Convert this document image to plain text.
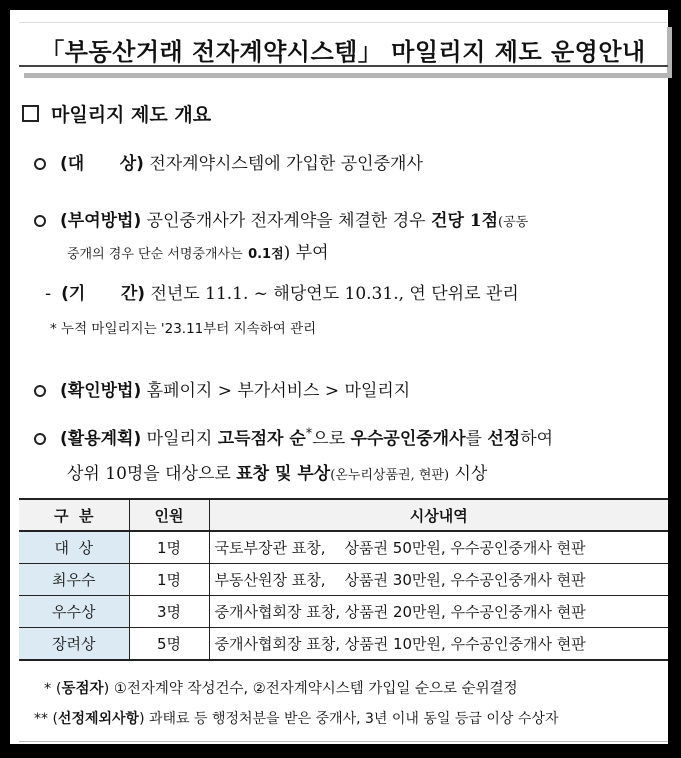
「부동산거래 전자계약시스템」 마일리지 제도 운영안내
마일리지 제도 개요
(대      상) 전자계약시스템에 가입한 공인중개사
(부여방법) 공인중개사가 전자계약을 체결한 경우 건당 1점(공동
중개의 경우 단순 서명중개사는 0.1점) 부여
- (기      간) 전년도 11.1. ~ 해당연도 10.31., 연 단위로 관리
* 누적 마일리지는 '23.11부터 지속하여 관리
(확인방법) 홈페이지 > 부가서비스 > 마일리지
(활용계획) 마일리지 고득점자 순*으로 우수공인중개사를 선정하여
상위 10명을 대상으로 표창 및 부상(온누리상품권, 현판) 시상
구  분	인원	시상내역
대  상	1명	국토부장관 표창,    상품권 50만원, 우수공인중개사 현판
최우수	1명	부동산원장 표창,    상품권 30만원, 우수공인중개사 현판
우수상	3명	중개사협회장 표창, 상품권 20만원, 우수공인중개사 현판
장려상	5명	중개사협회장 표창, 상품권 10만원, 우수공인중개사 현판
* (동점자) ①전자계약 작성건수, ②전자계약시스템 가입일 순으로 순위결정
** (선정제외사항) 과태료 등 행정처분을 받은 중개사, 3년 이내 동일 등급 이상 수상자
